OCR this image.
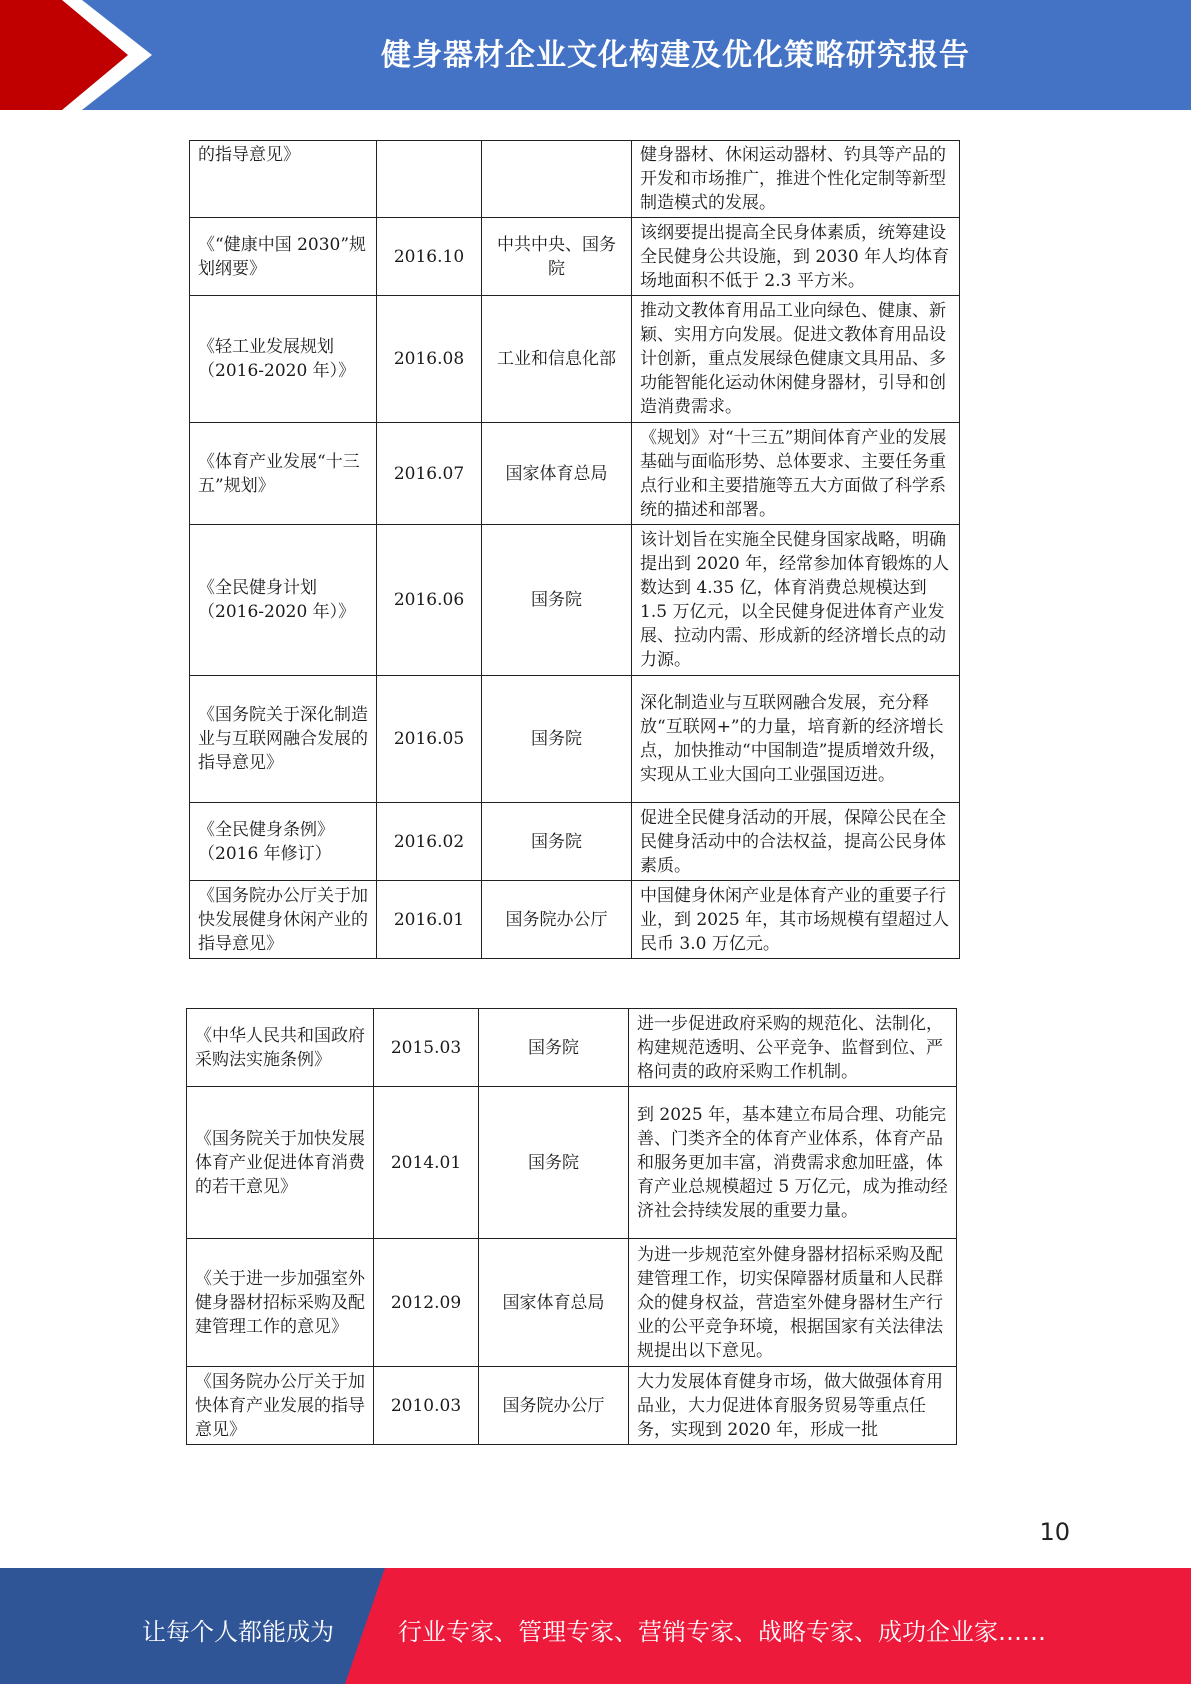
健身器材企业文化构建及优化策略研究报告
的指导意见》			健身器材、休闲运动器材、钓具等产品的开发和市场推广，推进个性化定制等新型制造模式的发展。
《“健康中国 2030”规划纲要》	2016.10	中共中央、国务院	该纲要提出提高全民身体素质，统筹建设全民健身公共设施，到 2030 年人均体育场地面积不低于 2.3 平方米。
《轻工业发展规划（2016-2020 年）》	2016.08	工业和信息化部	推动文教体育用品工业向绿色、健康、新颖、实用方向发展。促进文教体育用品设计创新，重点发展绿色健康文具用品、多功能智能化运动休闲健身器材，引导和创造消费需求。
《体育产业发展“十三五”规划》	2016.07	国家体育总局	《规划》对“十三五”期间体育产业的发展基础与面临形势、总体要求、主要任务重点行业和主要措施等五大方面做了科学系统的描述和部署。
《全民健身计划（2016-2020 年）》	2016.06	国务院	该计划旨在实施全民健身国家战略，明确提出到 2020 年，经常参加体育锻炼的人数达到 4.35 亿，体育消费总规模达到 1.5 万亿元，以全民健身促进体育产业发展、拉动内需、形成新的经济增长点的动力源。
《国务院关于深化制造业与互联网融合发展的指导意见》	2016.05	国务院	深化制造业与互联网融合发展，充分释放“互联网+”的力量，培育新的经济增长点，加快推动“中国制造”提质增效升级，实现从工业大国向工业强国迈进。
《全民健身条例》（2016 年修订）	2016.02	国务院	促进全民健身活动的开展，保障公民在全民健身活动中的合法权益，提高公民身体素质。
《国务院办公厅关于加快发展健身休闲产业的指导意见》	2016.01	国务院办公厅	中国健身休闲产业是体育产业的重要子行业，到 2025 年，其市场规模有望超过人民币 3.0 万亿元。
《中华人民共和国政府采购法实施条例》	2015.03	国务院	进一步促进政府采购的规范化、法制化，构建规范透明、公平竞争、监督到位、严格问责的政府采购工作机制。
《国务院关于加快发展体育产业促进体育消费的若干意见》	2014.01	国务院	到 2025 年，基本建立布局合理、功能完善、门类齐全的体育产业体系，体育产品和服务更加丰富，消费需求愈加旺盛，体育产业总规模超过 5 万亿元，成为推动经济社会持续发展的重要力量。
《关于进一步加强室外健身器材招标采购及配建管理工作的意见》	2012.09	国家体育总局	为进一步规范室外健身器材招标采购及配建管理工作，切实保障器材质量和人民群众的健身权益，营造室外健身器材生产行业的公平竞争环境，根据国家有关法律法规提出以下意见。
《国务院办公厅关于加快体育产业发展的指导意见》	2010.03	国务院办公厅	大力发展体育健身市场，做大做强体育用品业，大力促进体育服务贸易等重点任务，实现到 2020 年，形成一批
10
让每个人都能成为	行业专家、管理专家、营销专家、战略专家、成功企业家……
